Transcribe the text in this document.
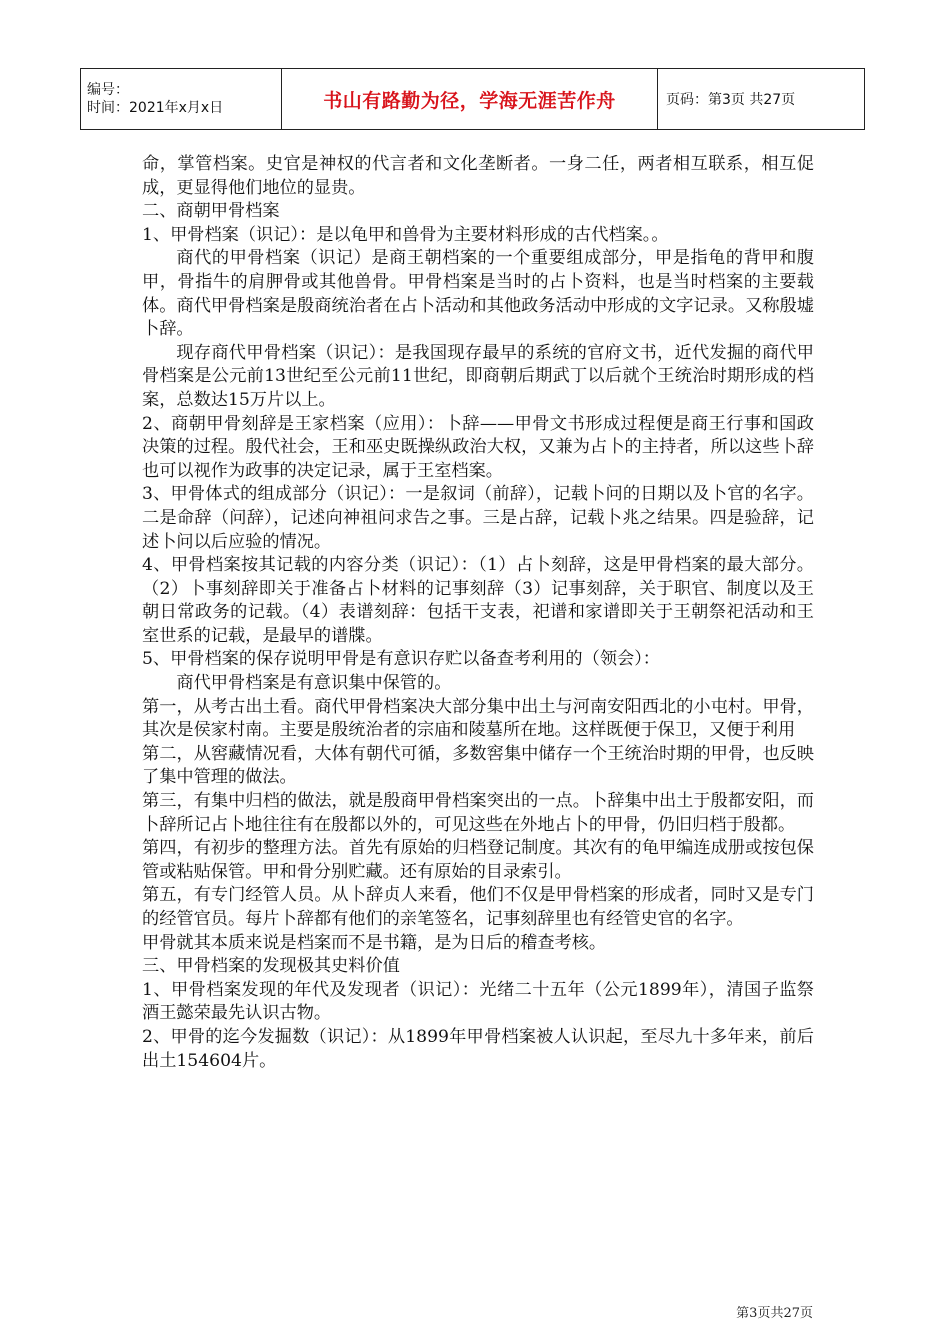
编号：
时间：2021年x月x日	书山有路勤为径，学海无涯苦作舟	页码：第3页 共27页

命，掌管档案。史官是神权的代言者和文化垄断者。一身二任，两者相互联系，相互促成，更显得他们地位的显贵。

二、商朝甲骨档案

1、甲骨档案（识记）：是以龟甲和兽骨为主要材料形成的古代档案。。

商代的甲骨档案（识记）是商王朝档案的一个重要组成部分，甲是指龟的背甲和腹甲，骨指牛的肩胛骨或其他兽骨。甲骨档案是当时的占卜资料，也是当时档案的主要载体。商代甲骨档案是殷商统治者在占卜活动和其他政务活动中形成的文字记录。又称殷墟卜辞。

现存商代甲骨档案（识记）：是我国现存最早的系统的官府文书，近代发掘的商代甲骨档案是公元前13世纪至公元前11世纪，即商朝后期武丁以后就个王统治时期形成的档案，总数达15万片以上。

2、商朝甲骨刻辞是王家档案（应用）：卜辞——甲骨文书形成过程便是商王行事和国政决策的过程。殷代社会，王和巫史既操纵政治大权，又兼为占卜的主持者，所以这些卜辞也可以视作为政事的决定记录，属于王室档案。

3、甲骨体式的组成部分（识记）：一是叙词（前辞），记载卜问的日期以及卜官的名字。二是命辞（问辞），记述向神祖问求告之事。三是占辞，记载卜兆之结果。四是验辞，记述卜问以后应验的情况。

4、甲骨档案按其记载的内容分类（识记）：（1）占卜刻辞，这是甲骨档案的最大部分。（2）卜事刻辞即关于准备占卜材料的记事刻辞（3）记事刻辞，关于职官、制度以及王朝日常政务的记载。（4）表谱刻辞：包括干支表，祀谱和家谱即关于王朝祭祀活动和王室世系的记载，是最早的谱牒。

5、甲骨档案的保存说明甲骨是有意识存贮以备查考利用的（领会）：

商代甲骨档案是有意识集中保管的。

第一，从考古出土看。商代甲骨档案决大部分集中出土与河南安阳西北的小屯村。甲骨，其次是侯家村南。主要是殷统治者的宗庙和陵墓所在地。这样既便于保卫，又便于利用

第二，从窖藏情况看，大体有朝代可循，多数窖集中储存一个王统治时期的甲骨，也反映了集中管理的做法。

第三，有集中归档的做法，就是殷商甲骨档案突出的一点。卜辞集中出土于殷都安阳，而卜辞所记占卜地往往有在殷都以外的，可见这些在外地占卜的甲骨，仍旧归档于殷都。

第四，有初步的整理方法。首先有原始的归档登记制度。其次有的龟甲编连成册或按包保管或粘贴保管。甲和骨分别贮藏。还有原始的目录索引。

第五，有专门经管人员。从卜辞贞人来看，他们不仅是甲骨档案的形成者，同时又是专门的经管官员。每片卜辞都有他们的亲笔签名，记事刻辞里也有经管史官的名字。

甲骨就其本质来说是档案而不是书籍，是为日后的稽查考核。

三、甲骨档案的发现极其史料价值

1、甲骨档案发现的年代及发现者（识记）：光绪二十五年（公元1899年），清国子监祭酒王懿荣最先认识古物。

2、甲骨的迄今发掘数（识记）：从1899年甲骨档案被人认识起，至尽九十多年来，前后出土154604片。

第3页共27页
